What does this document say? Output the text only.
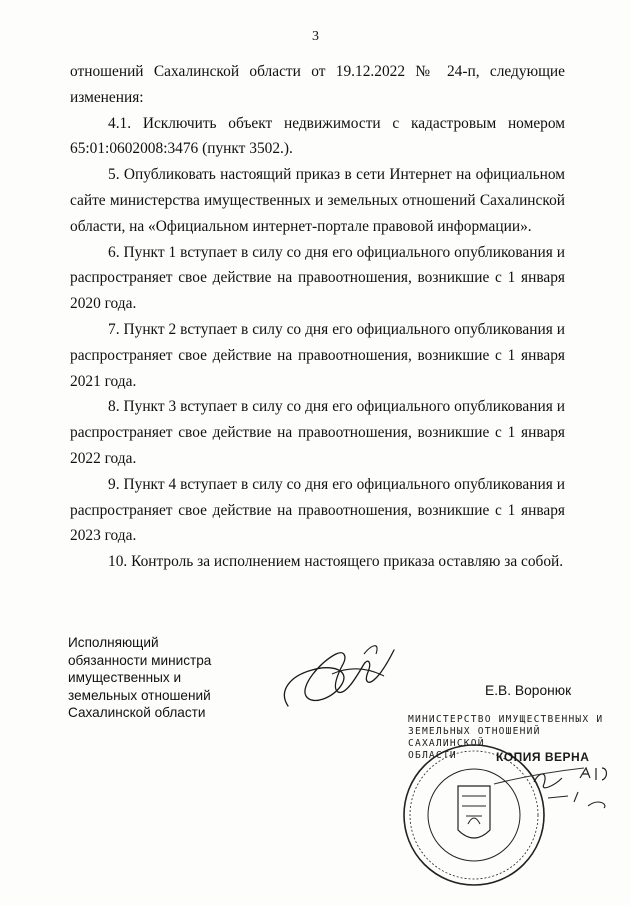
3

отношений Сахалинской области от 19.12.2022 № 24-п, следующие изменения:

4.1. Исключить объект недвижимости с кадастровым номером 65:01:0602008:3476 (пункт 3502.).

5. Опубликовать настоящий приказ в сети Интернет на официальном сайте министерства имущественных и земельных отношений Сахалинской области, на «Официальном интернет-портале правовой информации».

6. Пункт 1 вступает в силу со дня его официального опубликования и распространяет свое действие на правоотношения, возникшие с 1 января 2020 года.

7. Пункт 2 вступает в силу со дня его официального опубликования и распространяет свое действие на правоотношения, возникшие с 1 января 2021 года.

8. Пункт 3 вступает в силу со дня его официального опубликования и распространяет свое действие на правоотношения, возникшие с 1 января 2022 года.

9. Пункт 4 вступает в силу со дня его официального опубликования и распространяет свое действие на правоотношения, возникшие с 1 января 2023 года.

10. Контроль за исполнением настоящего приказа оставляю за собой.

Исполняющий
обязанности министра
имущественных и
земельных отношений
Сахалинской области
Е.В. Воронюк
МИНИСТЕРСТВО ИМУЩЕСТВЕННЫХ И
ЗЕМЕЛЬНЫХ ОТНОШЕНИЙ САХАЛИНСКОЙ
ОБЛАСТИ	КОПИЯ ВЕРНА
